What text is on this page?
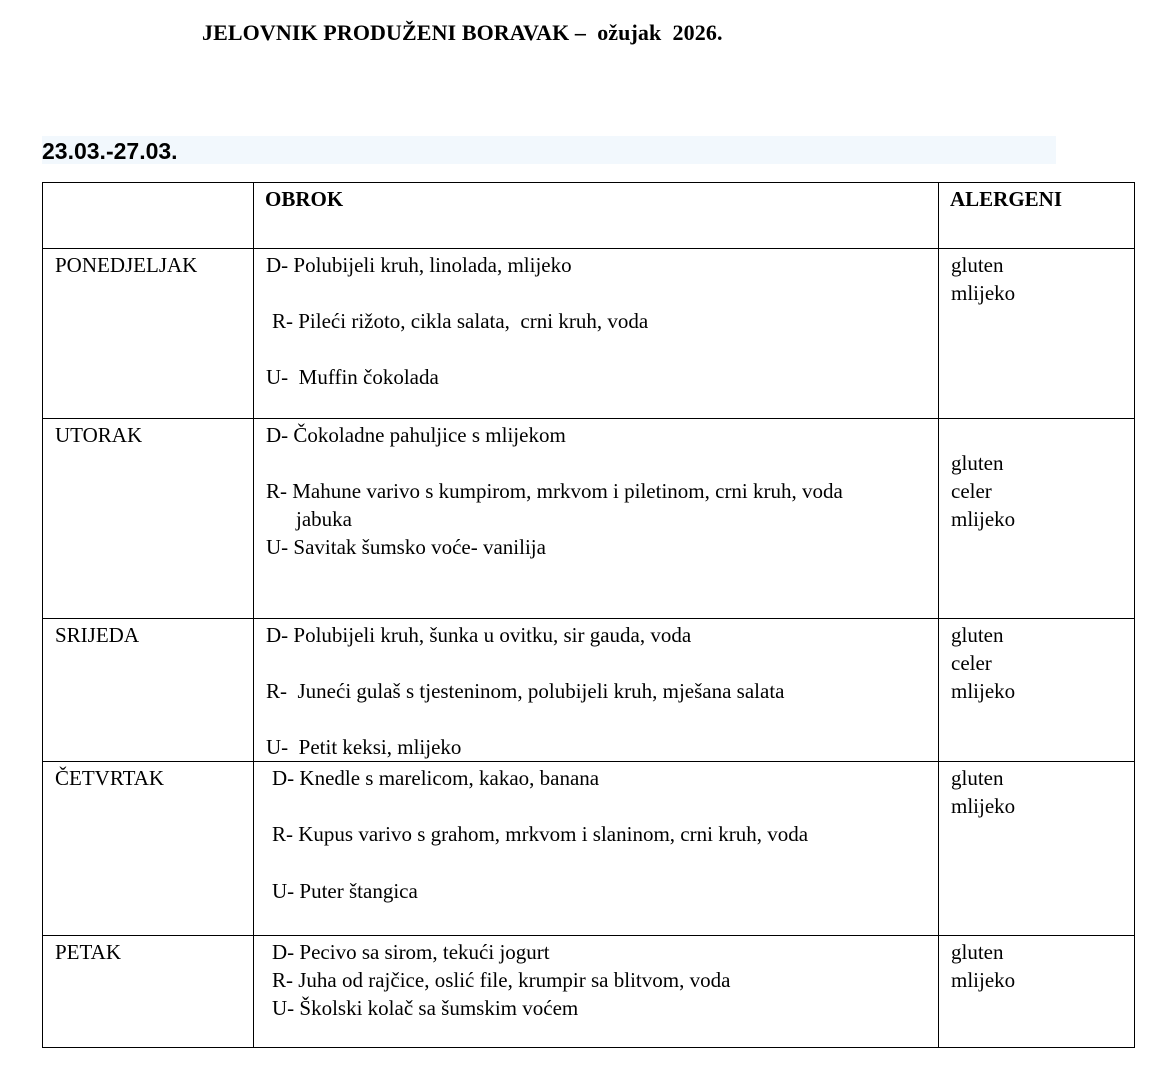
JELOVNIK PRODUŽENI BORAVAK –  ožujak  2026.
23.03.-27.03.
	OBROK	ALERGENI
PONEDJELJAK	D- Polubijeli kruh, linolada, mlijeko
R- Pileći rižoto, cikla salata,  crni kruh, voda
U-  Muffin čokolada	gluten
mlijeko

UTORAK	D- Čokoladne pahuljice s mlijekom
R- Mahune varivo s kumpirom, mrkvom i piletinom, crni kruh, voda
jabuka
U- Savitak šumsko voće- vanilija	gluten
celer
mlijeko

SRIJEDA	D- Polubijeli kruh, šunka u ovitku, sir gauda, voda
R-  Juneći gulaš s tjesteninom, polubijeli kruh, mješana salata
U-  Petit keksi, mlijeko	gluten
celer
mlijeko

ČETVRTAK	D- Knedle s marelicom, kakao, banana
R- Kupus varivo s grahom, mrkvom i slaninom, crni kruh, voda
U- Puter štangica	gluten
mlijeko

PETAK	D- Pecivo sa sirom, tekući jogurt
R- Juha od rajčice, oslić file, krumpir sa blitvom, voda
U- Školski kolač sa šumskim voćem	gluten
mlijeko
